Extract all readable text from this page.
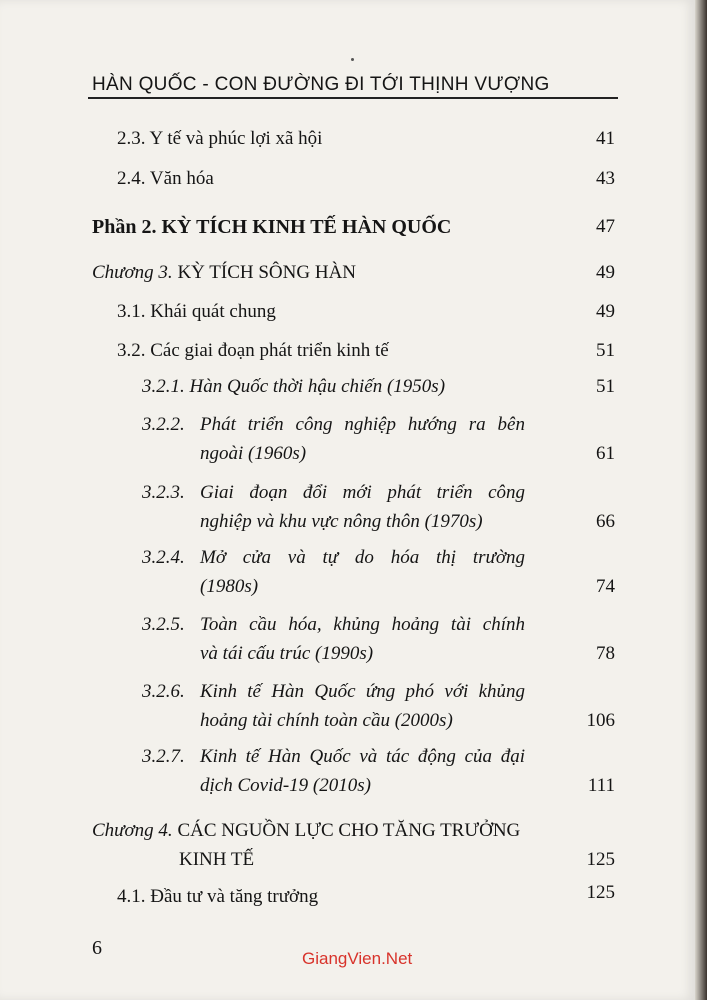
HÀN QUỐC - CON ĐƯỜNG ĐI TỚI THỊNH VƯỢNG
2.3. Y tế và phúc lợi xã hội	41
2.4. Văn hóa	43
Phần 2. KỲ TÍCH KINH TẾ HÀN QUỐC	47
Chương 3. KỲ TÍCH SÔNG HÀN	49
3.1. Khái quát chung	49
3.2. Các giai đoạn phát triển kinh tế	51
3.2.1. Hàn Quốc thời hậu chiến (1950s)	51
3.2.2. Phát triển công nghiệp hướng ra bên
ngoài (1960s)	61
3.2.3. Giai đoạn đổi mới phát triển công
nghiệp và khu vực nông thôn (1970s)	66
3.2.4. Mở cửa và tự do hóa thị trường
(1980s)	74
3.2.5. Toàn cầu hóa, khủng hoảng tài chính
và tái cấu trúc (1990s)	78
3.2.6. Kinh tế Hàn Quốc ứng phó với khủng
hoảng tài chính toàn cầu (2000s)	106
3.2.7. Kinh tế Hàn Quốc và tác động của đại
dịch Covid-19 (2010s)	111
Chương 4. CÁC NGUỒN LỰC CHO TĂNG TRƯỞNG
KINH TẾ	125
4.1. Đầu tư và tăng trưởng	125
6	GiangVien.Net
